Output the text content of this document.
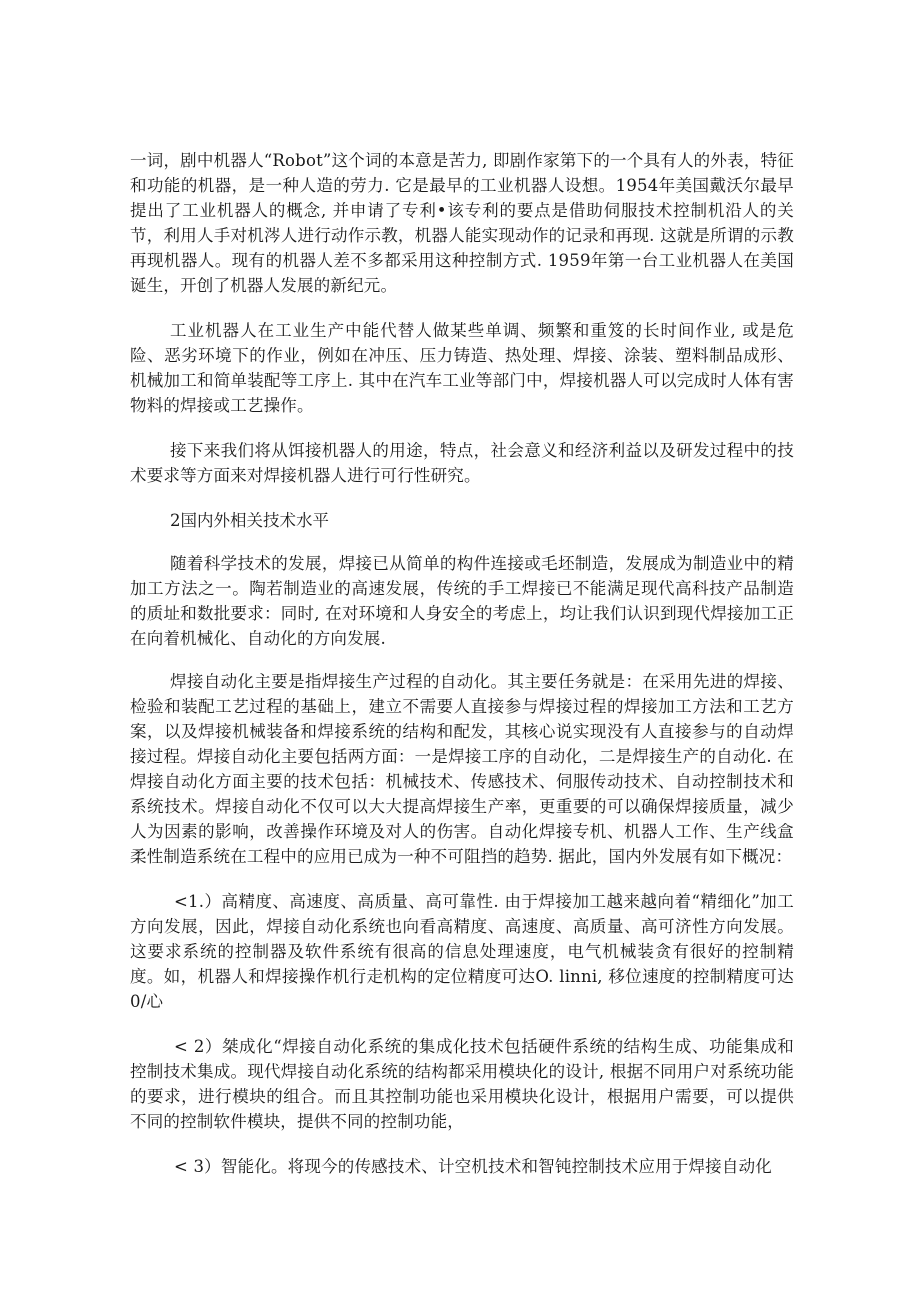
一词，剧中机器人“Robot”这个词的本意是苦力, 即剧作家第下的一个具有人的外表，特征和功能的机器，是一种人造的劳力. 它是最早的工业机器人设想。1954年美国戴沃尔最早提出了工业机器人的概念, 并申请了专利•该专利的要点是借助伺服技术控制机沿人的关节，利用人手对机涔人进行动作示教，机器人能实现动作的记录和再现. 这就是所谓的示教再现机器人。现有的机器人差不多都采用这种控制方式. 1959年第一台工业机器人在美国诞生，开创了机器人发展的新纪元。

工业机器人在工业生产中能代替人做某些单调、频繁和重笈的长时间作业, 或是危险、恶劣环境下的作业，例如在冲压、压力铸造、热处理、焊接、涂装、塑料制品成形、机械加工和简单装配等工序上. 其中在汽车工业等部门中，焊接机器人可以完成时人体有害物料的焊接或工艺操作。

接下来我们将从饵接机器人的用途，特点，社会意义和经济利益以及研发过程中的技术要求等方面来对焊接机器人进行可行性研究。

2国内外相关技术水平

随着科学技术的发展，焊接已从简单的构件连接或毛坯制造，发展成为制造业中的精加工方法之一。陶若制造业的高速发展，传统的手工焊接已不能满足现代高科技产品制造的质址和数批要求：同时, 在对环境和人身安全的考虑上，均让我们认识到现代焊接加工正在向着机械化、自动化的方向发展.

焊接自动化主要是指焊接生产过程的自动化。其主要任务就是：在采用先进的焊接、检验和装配工艺过程的基础上，建立不需要人直接参与焊接过程的焊接加工方法和工艺方案，以及焊接机械装备和焊接系统的结构和配发，其核心说实现没有人直接参与的自动焊接过程。焊接自动化主要包括两方面：一是焊接工序的自动化，二是焊接生产的自动化. 在焊接自动化方面主要的技术包括：机械技术、传感技术、伺服传动技术、自动控制技术和系统技术。焊接自动化不仅可以大大提高焊接生产率，更重要的可以确保焊接质量，减少人为因素的影响，改善操作环境及对人的伤害。自动化焊接专机、机器人工作、生产线盒柔性制造系统在工程中的应用已成为一种不可阻挡的趋势. 据此，国内外发展有如下概况：

<1.）高精度、高速度、高质量、高可靠性. 由于焊接加工越来越向着“精细化”加工方向发展，因此，焊接自动化系统也向看高精度、高速度、高质量、高可济性方向发展。这要求系统的控制器及软件系统有很高的信息处理速度，电气机械装贪有很好的控制精度。如，机器人和焊接操作机行走机构的定位精度可达O. linni, 移位速度的控制精度可达0/心

< 2）桀成化“焊接自动化系统的集成化技术包括硬件系统的结构生成、功能集成和控制技术集成。现代焊接自动化系统的结构都采用模块化的设计, 根据不同用户对系统功能的要求，进行模块的组合。而且其控制功能也采用模块化设计，根据用户需要，可以提供不同的控制软件模块，提供不同的控制功能，

< 3）智能化。将现今的传感技术、计空机技术和智钝控制技术应用于焊接自动化
